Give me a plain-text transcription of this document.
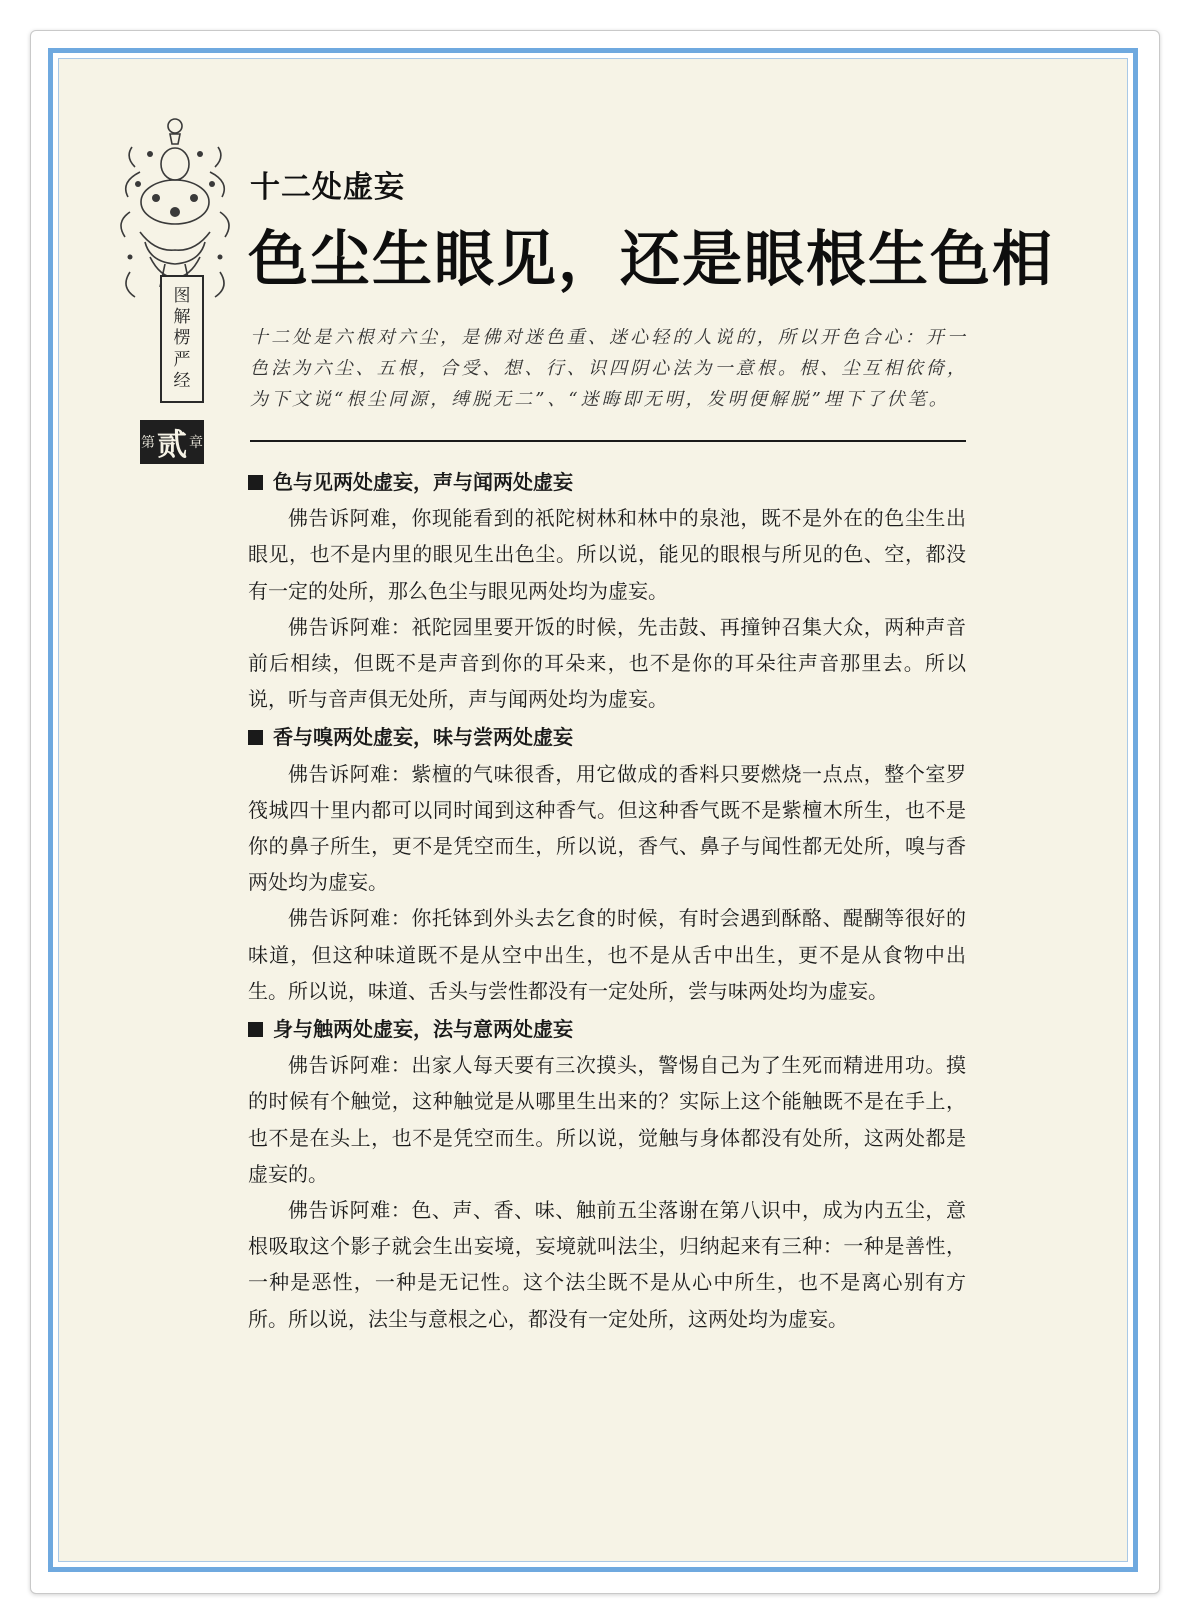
图
解
楞
严
经
第 贰 章
十二处虚妄
色尘生眼见，还是眼根生色相
十二处是六根对六尘，是佛对迷色重、迷心轻的人说的，所以开色合心：开一色法为六尘、五根，合受、想、行、识四阴心法为一意根。根、尘互相依倚，为下文说“根尘同源，缚脱无二”、“迷晦即无明，发明便解脱”埋下了伏笔。
色与见两处虚妄，声与闻两处虚妄

佛告诉阿难，你现能看到的祇陀树林和林中的泉池，既不是外在的色尘生出眼见，也不是内里的眼见生出色尘。所以说，能见的眼根与所见的色、空，都没有一定的处所，那么色尘与眼见两处均为虚妄。

佛告诉阿难：祇陀园里要开饭的时候，先击鼓、再撞钟召集大众，两种声音前后相续，但既不是声音到你的耳朵来，也不是你的耳朵往声音那里去。所以说，听与音声俱无处所，声与闻两处均为虚妄。

香与嗅两处虚妄，味与尝两处虚妄

佛告诉阿难：紫檀的气味很香，用它做成的香料只要燃烧一点点，整个室罗筏城四十里内都可以同时闻到这种香气。但这种香气既不是紫檀木所生，也不是你的鼻子所生，更不是凭空而生，所以说，香气、鼻子与闻性都无处所，嗅与香两处均为虚妄。

佛告诉阿难：你托钵到外头去乞食的时候，有时会遇到酥酪、醍醐等很好的味道，但这种味道既不是从空中出生，也不是从舌中出生，更不是从食物中出生。所以说，味道、舌头与尝性都没有一定处所，尝与味两处均为虚妄。

身与触两处虚妄，法与意两处虚妄

佛告诉阿难：出家人每天要有三次摸头，警惕自己为了生死而精进用功。摸的时候有个触觉，这种触觉是从哪里生出来的？实际上这个能触既不是在手上，也不是在头上，也不是凭空而生。所以说，觉触与身体都没有处所，这两处都是虚妄的。

佛告诉阿难：色、声、香、味、触前五尘落谢在第八识中，成为内五尘，意根吸取这个影子就会生出妄境，妄境就叫法尘，归纳起来有三种：一种是善性，一种是恶性，一种是无记性。这个法尘既不是从心中所生，也不是离心别有方所。所以说，法尘与意根之心，都没有一定处所，这两处均为虚妄。
